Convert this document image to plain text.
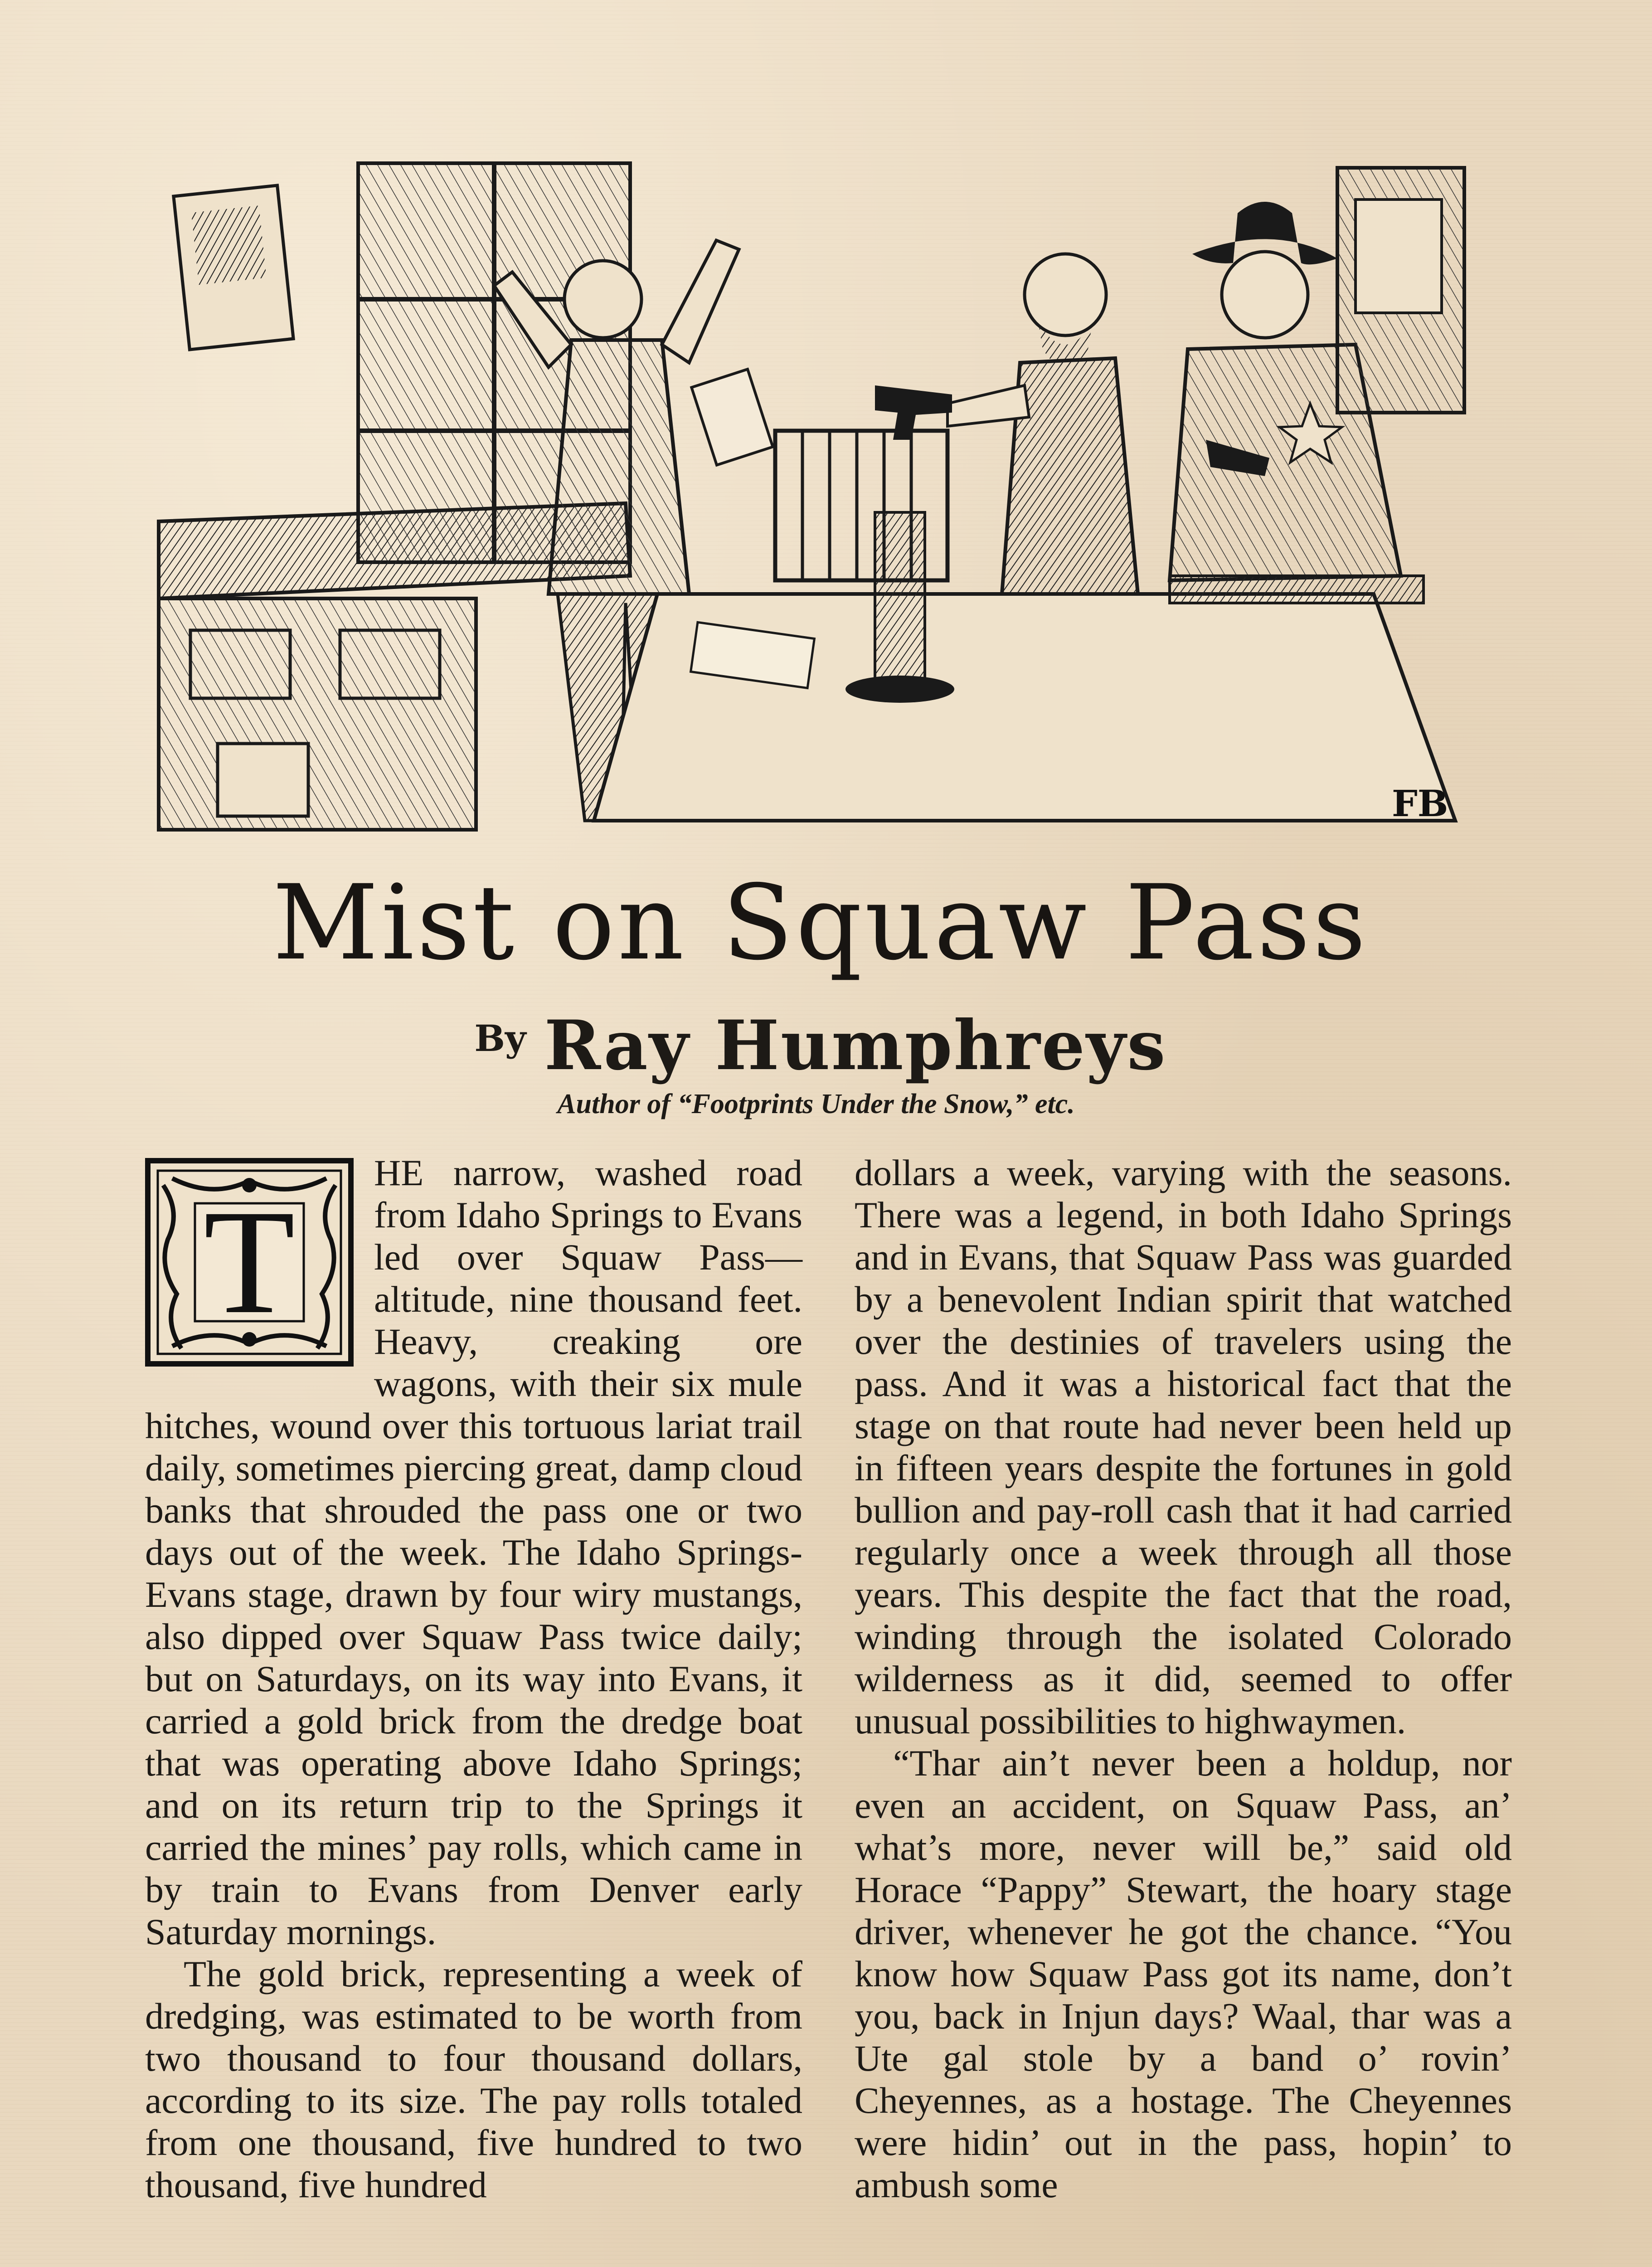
FB
Mist on Squaw Pass
By Ray Humphreys
Author of “Footprints Under the Snow,” etc.
T

HE narrow, washed road from Idaho Springs to Evans led over Squaw Pass—altitude, nine thousand feet. Heavy, creaking ore wagons, with their six mule hitches, wound over this tortuous lariat trail daily, sometimes piercing great, damp cloud banks that shrouded the pass one or two days out of the week. The Idaho Springs-Evans stage, drawn by four wiry mustangs, also dipped over Squaw Pass twice daily; but on Saturdays, on its way into Evans, it carried a gold brick from the dredge boat that was operating above Idaho Springs; and on its return trip to the Springs it carried the mines’ pay rolls, which came in by train to Evans from Denver early Saturday mornings.

The gold brick, representing a week of dredging, was estimated to be worth from two thousand to four thousand dollars, according to its size. The pay rolls totaled from one thousand, five hundred to two thousand, five hundred

dollars a week, varying with the seasons. There was a legend, in both Idaho Springs and in Evans, that Squaw Pass was guarded by a benevolent Indian spirit that watched over the destinies of travelers using the pass. And it was a historical fact that the stage on that route had never been held up in fifteen years despite the fortunes in gold bullion and pay-roll cash that it had carried regularly once a week through all those years. This despite the fact that the road, winding through the isolated Colorado wilderness as it did, seemed to offer unusual possibilities to highwaymen.

“Thar ain’t never been a holdup, nor even an accident, on Squaw Pass, an’ what’s more, never will be,” said old Horace “Pappy” Stewart, the hoary stage driver, whenever he got the chance. “You know how Squaw Pass got its name, don’t you, back in Injun days? Waal, thar was a Ute gal stole by a band o’ rovin’ Cheyennes, as a hostage. The Cheyennes were hidin’ out in the pass, hopin’ to ambush some
